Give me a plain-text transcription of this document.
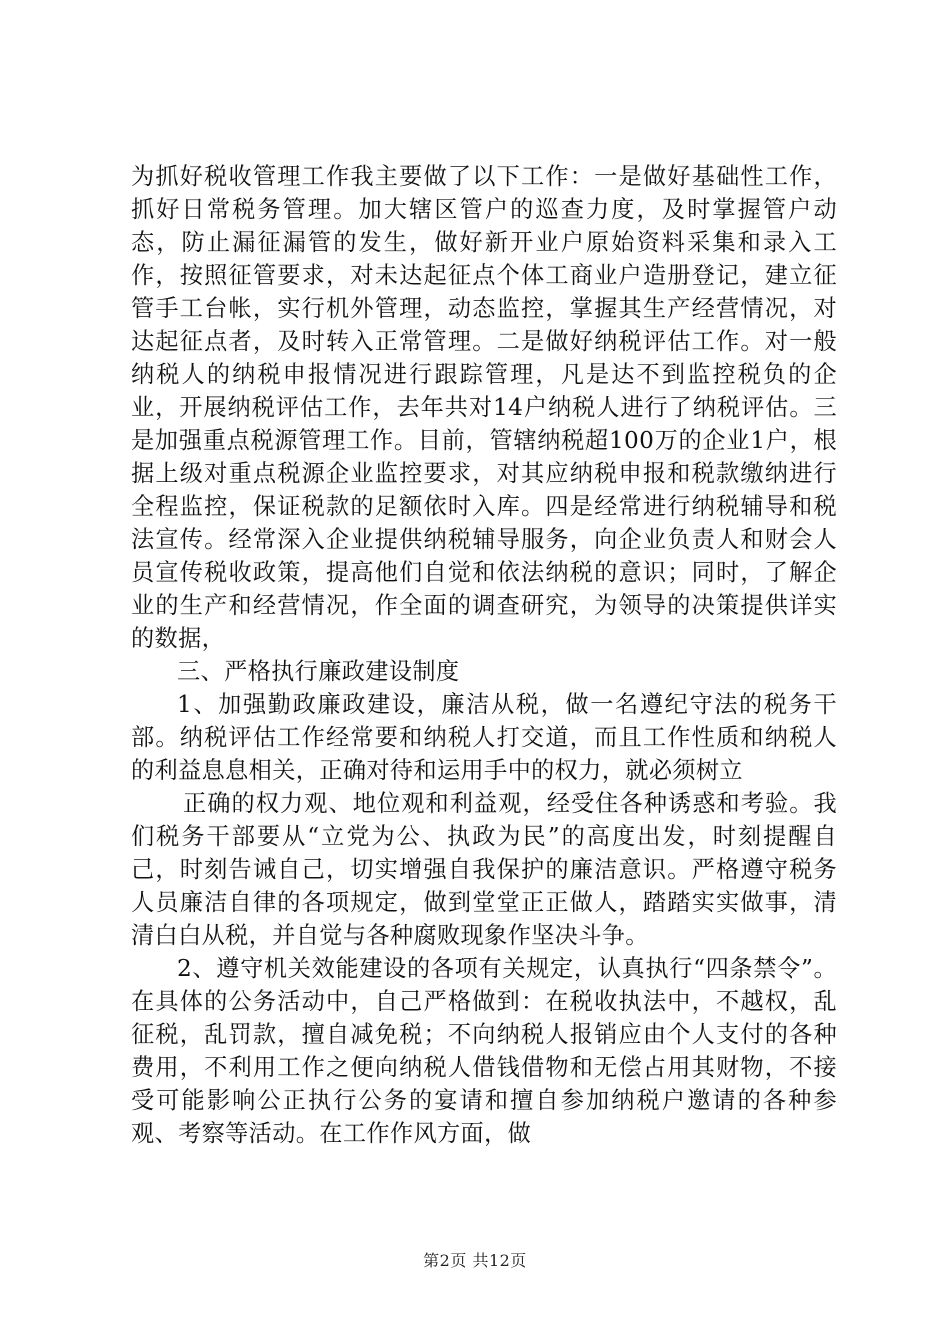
为抓好税收管理工作我主要做了以下工作：一是做好基础性工作，抓好日常税务管理。加大辖区管户的巡查力度，及时掌握管户动态，防止漏征漏管的发生，做好新开业户原始资料采集和录入工作，按照征管要求，对未达起征点个体工商业户造册登记，建立征管手工台帐，实行机外管理，动态监控，掌握其生产经营情况，对达起征点者，及时转入正常管理。二是做好纳税评估工作。对一般纳税人的纳税申报情况进行跟踪管理，凡是达不到监控税负的企业，开展纳税评估工作，去年共对14户纳税人进行了纳税评估。三是加强重点税源管理工作。目前，管辖纳税超100万的企业1户，根据上级对重点税源企业监控要求，对其应纳税申报和税款缴纳进行全程监控，保证税款的足额依时入库。四是经常进行纳税辅导和税法宣传。经常深入企业提供纳税辅导服务，向企业负责人和财会人员宣传税收政策，提高他们自觉和依法纳税的意识；同时，了解企业的生产和经营情况，作全面的调查研究，为领导的决策提供详实的数据，

三、严格执行廉政建设制度

1、加强勤政廉政建设，廉洁从税，做一名遵纪守法的税务干部。纳税评估工作经常要和纳税人打交道，而且工作性质和纳税人的利益息息相关，正确对待和运用手中的权力，就必须树立

正确的权力观、地位观和利益观，经受住各种诱惑和考验。我们税务干部要从“立党为公、执政为民”的高度出发，时刻提醒自己，时刻告诫自己，切实增强自我保护的廉洁意识。严格遵守税务人员廉洁自律的各项规定，做到堂堂正正做人，踏踏实实做事，清清白白从税，并自觉与各种腐败现象作坚决斗争。

2、遵守机关效能建设的各项有关规定，认真执行“四条禁令”。在具体的公务活动中，自己严格做到：在税收执法中，不越权，乱征税，乱罚款，擅自减免税；不向纳税人报销应由个人支付的各种费用，不利用工作之便向纳税人借钱借物和无偿占用其财物，不接受可能影响公正执行公务的宴请和擅自参加纳税户邀请的各种参观、考察等活动。在工作作风方面，做

第2页 共12页
